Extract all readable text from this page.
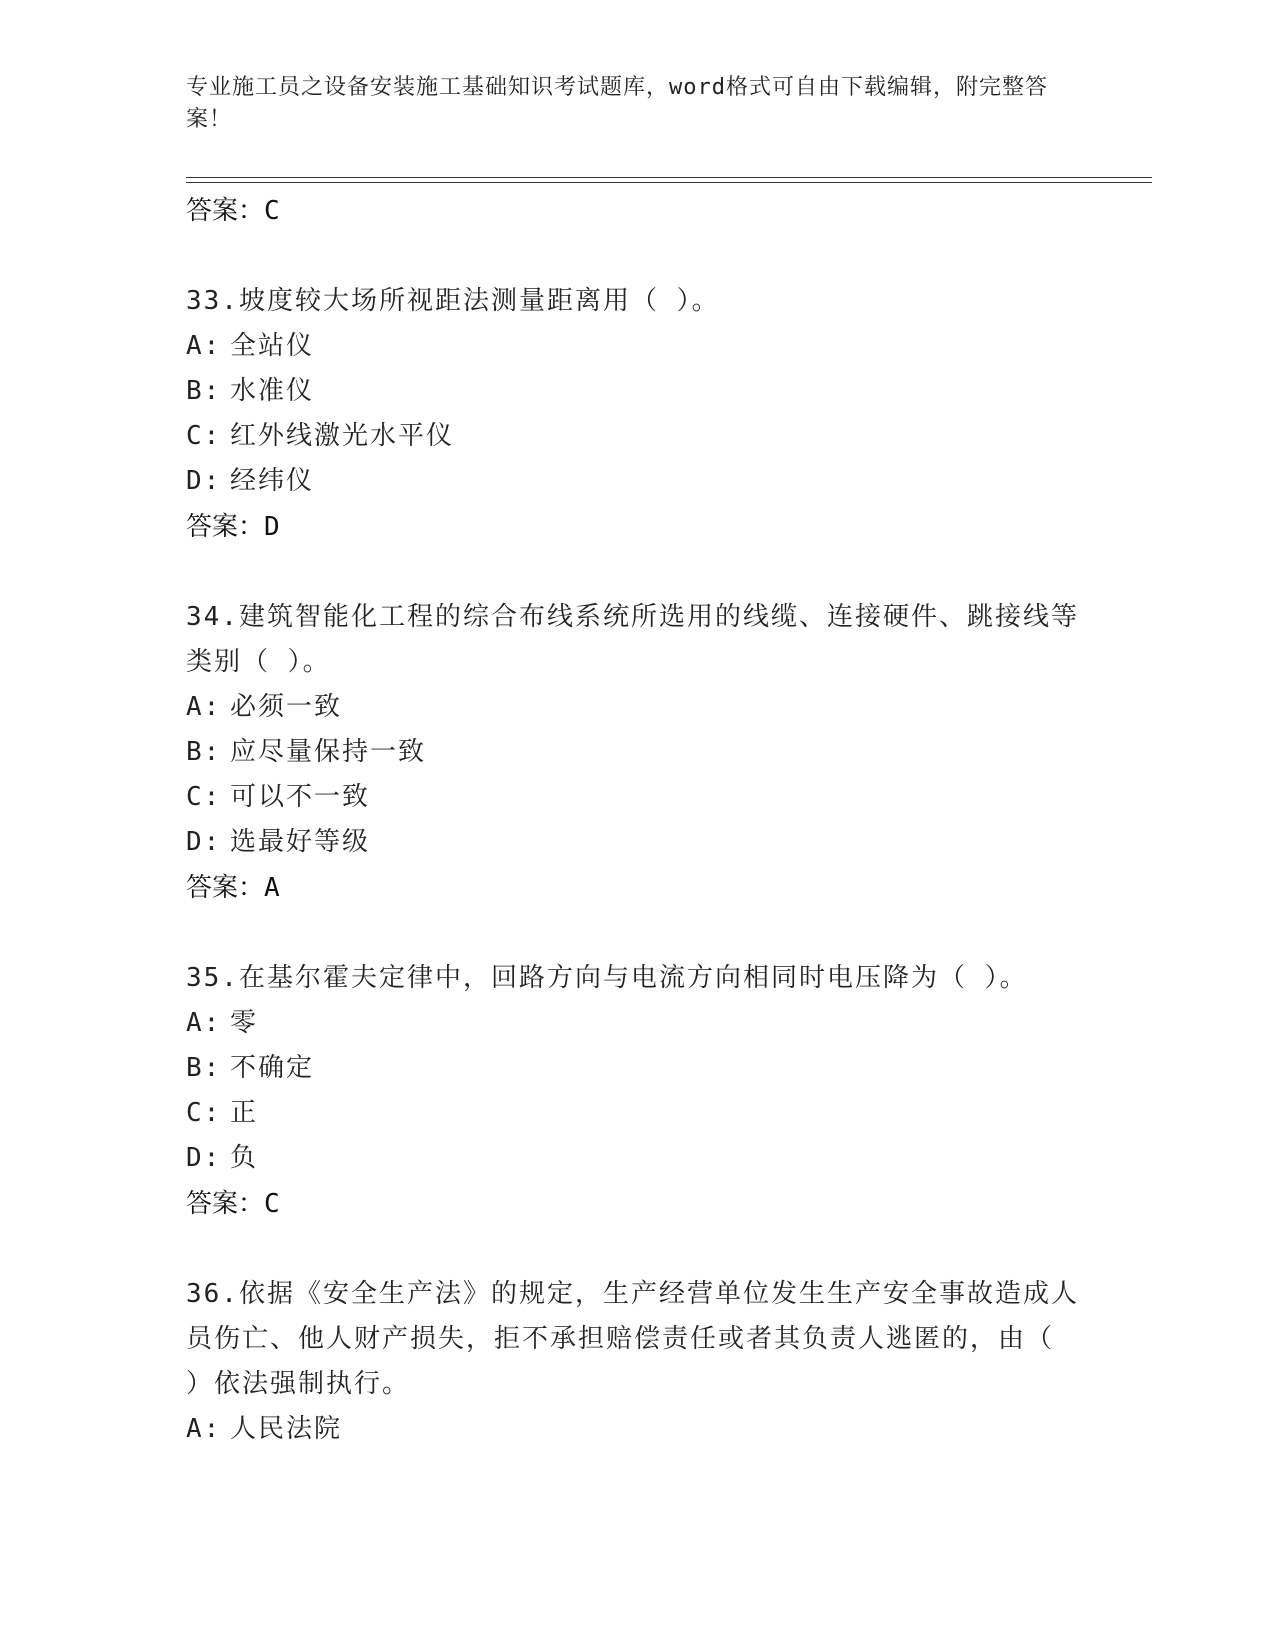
专业施工员之设备安装施工基础知识考试题库，word格式可自由下载编辑，附完整答案！
答案：C
33.坡度较大场所视距法测量距离用（ ）。
A: 全站仪
B: 水准仪
C: 红外线激光水平仪
D: 经纬仪
答案：D
34.建筑智能化工程的综合布线系统所选用的线缆、连接硬件、跳接线等类别（ ）。
A: 必须一致
B: 应尽量保持一致
C: 可以不一致
D: 选最好等级
答案：A
35.在基尔霍夫定律中，回路方向与电流方向相同时电压降为（ ）。
A: 零
B: 不确定
C: 正
D: 负
答案：C
36.依据《安全生产法》的规定，生产经营单位发生生产安全事故造成人员伤亡、他人财产损失，拒不承担赔偿责任或者其负责人逃匿的，由（ ）依法强制执行。
A: 人民法院
